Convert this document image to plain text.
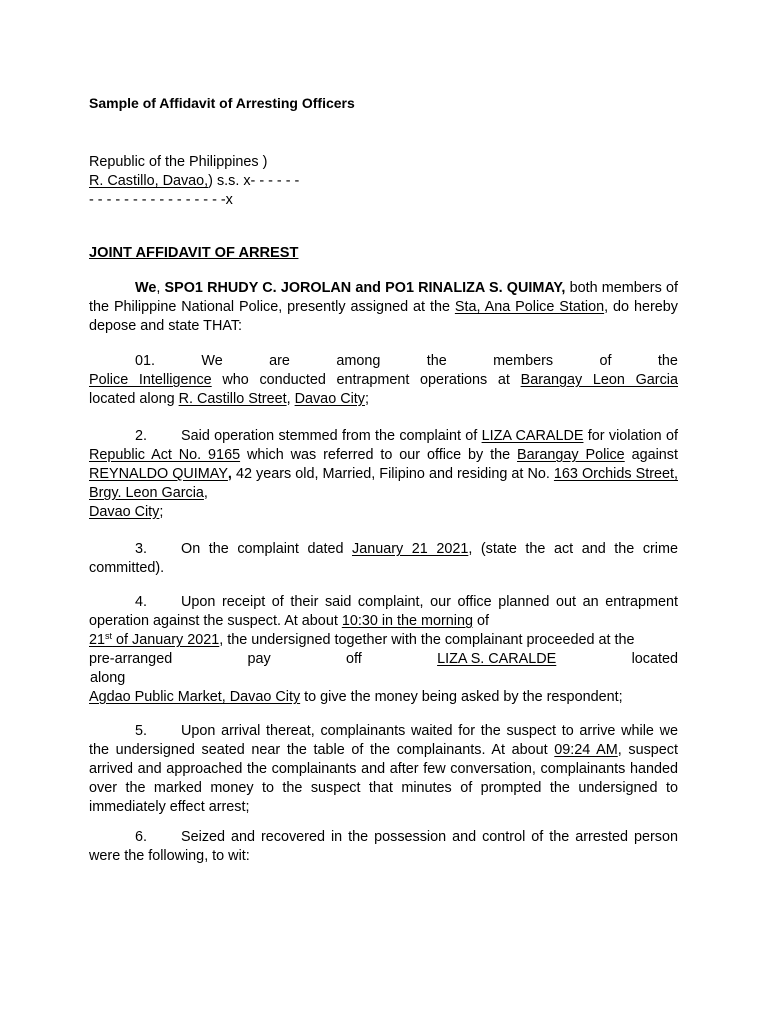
Sample of Affidavit of Arresting Officers
Republic of the Philippines )
R. Castillo, Davao,) s.s. x- - - - - -
- - - - - - - - - - - - - - - -x
JOINT AFFIDAVIT OF ARREST
We, SPO1 RHUDY C. JOROLAN and PO1 RINALIZA S. QUIMAY, both members of the Philippine National Police, presently assigned at the Sta, Ana Police Station, do hereby depose and state THAT:
01.	We	are	among	the	members	of	the
Police Intelligence who conducted entrapment operations at Barangay Leon Garcia
located along R. Castillo Street, Davao City;
2. Said operation stemmed from the complaint of LIZA CARALDE for violation of Republic Act No. 9165 which was referred to our office by the Barangay Police against REYNALDO QUIMAY, 42 years old, Married, Filipino and residing at No. 163 Orchids Street, Brgy. Leon Garcia,
Davao City;
3. On the complaint dated January 21 2021, (state the act and the crime committed).
4. Upon receipt of their said complaint, our office planned out an entrapment operation against the suspect. At about 10:30 in the morning of
21st of January 2021, the undersigned together with the complainant proceeded at the
pre-arranged	pay	off	LIZA S. CARALDE	located
along
Agdao Public Market, Davao City to give the money being asked by the respondent;
5. Upon arrival thereat, complainants waited for the suspect to arrive while we the undersigned seated near the table of the complainants. At about 09:24 AM, suspect arrived and approached the complainants and after few conversation, complainants handed over the marked money to the suspect that minutes of prompted the undersigned to immediately effect arrest;
6. Seized and recovered in the possession and control of the arrested person were the following, to wit:
